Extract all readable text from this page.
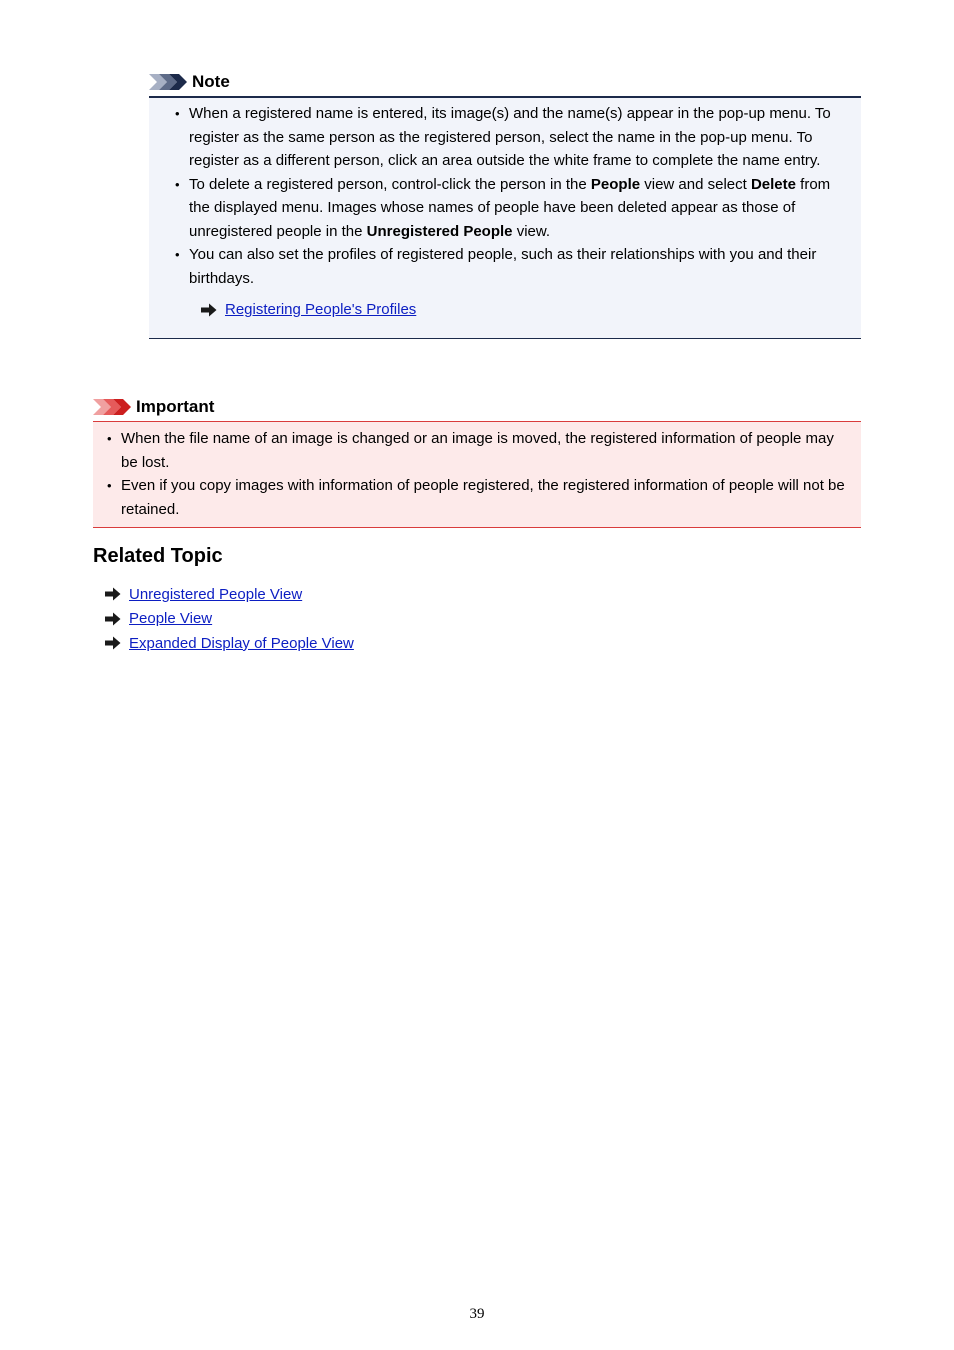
Note
• When a registered name is entered, its image(s) and the name(s) appear in the pop-up menu. To register as the same person as the registered person, select the name in the pop-up menu. To register as a different person, click an area outside the white frame to complete the name entry.
• To delete a registered person, control-click the person in the People view and select Delete from the displayed menu. Images whose names of people have been deleted appear as those of unregistered people in the Unregistered People view.
• You can also set the profiles of registered people, such as their relationships with you and their birthdays.
Registering People's Profiles
Important
• When the file name of an image is changed or an image is moved, the registered information of people may be lost.
• Even if you copy images with information of people registered, the registered information of people will not be retained.
Related Topic
Unregistered People View
People View
Expanded Display of People View
39
